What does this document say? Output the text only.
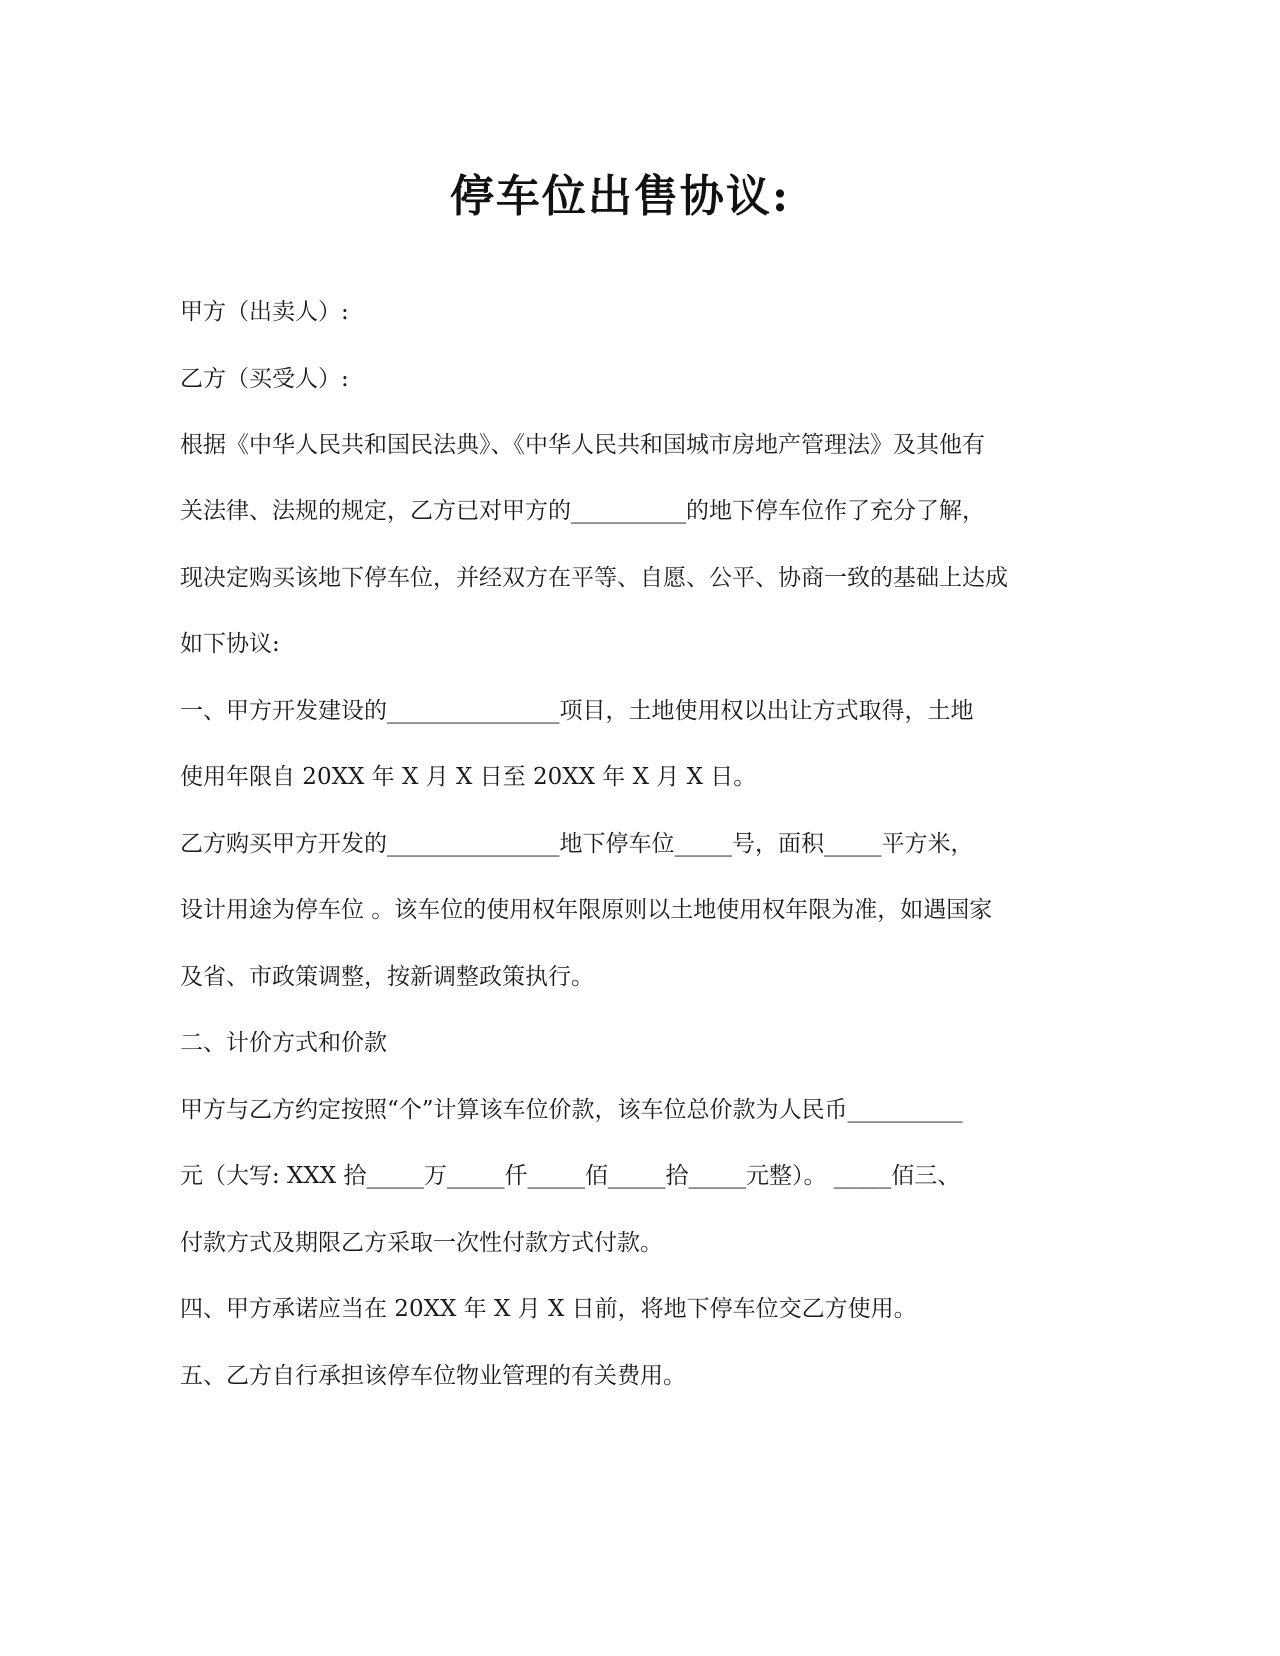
停车位出售协议:
甲方（出卖人）:
乙方（买受人）:
根据《中华人民共和国民法典》、《中华人民共和国城市房地产管理法》及其他有
关法律、法规的规定，乙方已对甲方的__________的地下停车位作了充分了解，
现决定购买该地下停车位，并经双方在平等、自愿、公平、协商一致的基础上达成
如下协议:
一、甲方开发建设的_______________项目，土地使用权以出让方式取得，土地
使用年限自 20XX 年 X 月 X 日至 20XX 年 X 月 X 日。
乙方购买甲方开发的_______________地下停车位_____号，面积_____平方米，
设计用途为停车位 。该车位的使用权年限原则以土地使用权年限为准，如遇国家
及省、市政策调整，按新调整政策执行。
二、计价方式和价款
甲方与乙方约定按照“个”计算该车位价款，该车位总价款为人民币__________
元（大写: XXX 拾_____万_____仟_____佰_____拾_____元整）。 _____佰三、
付款方式及期限乙方采取一次性付款方式付款。
四、甲方承诺应当在 20XX 年 X 月 X 日前，将地下停车位交乙方使用。
五、乙方自行承担该停车位物业管理的有关费用。
